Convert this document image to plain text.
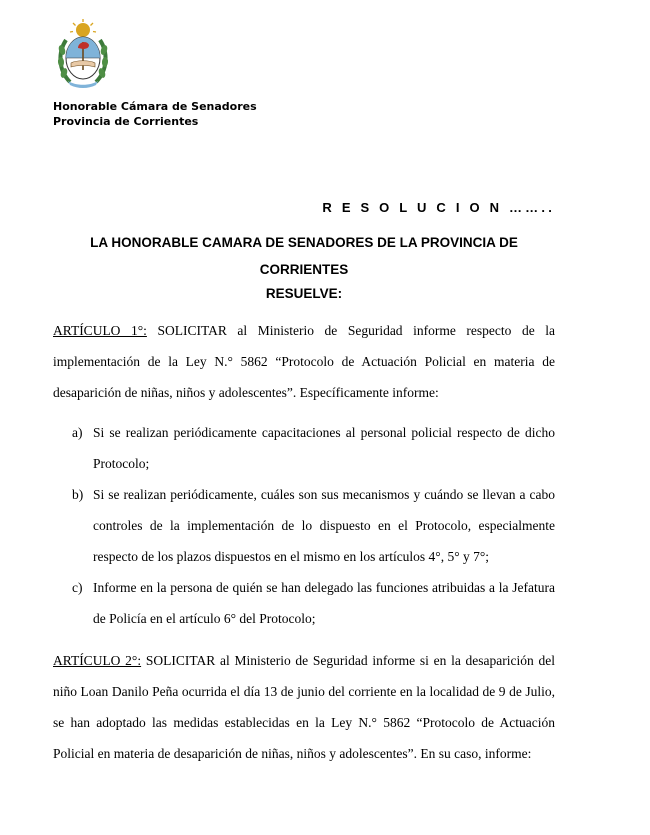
Honorable Cámara de Senadores
Provincia de Corrientes
R E S O L U C I O N ……..
LA HONORABLE CAMARA DE SENADORES DE LA PROVINCIA DE CORRIENTES
RESUELVE:
ARTÍCULO 1°: SOLICITAR al Ministerio de Seguridad informe respecto de la implementación de la Ley N.° 5862 “Protocolo de Actuación Policial en materia de desaparición de niñas, niños y adolescentes”. Específicamente informe:
a) Si se realizan periódicamente capacitaciones al personal policial respecto de dicho Protocolo;
b) Si se realizan periódicamente, cuáles son sus mecanismos y cuándo se llevan a cabo controles de la implementación de lo dispuesto en el Protocolo, especialmente respecto de los plazos dispuestos en el mismo en los artículos 4°, 5° y 7°;
c) Informe en la persona de quién se han delegado las funciones atribuidas a la Jefatura de Policía en el artículo 6° del Protocolo;
ARTÍCULO 2°: SOLICITAR al Ministerio de Seguridad informe si en la desaparición del niño Loan Danilo Peña ocurrida el día 13 de junio del corriente en la localidad de 9 de Julio, se han adoptado las medidas establecidas en la Ley N.° 5862 “Protocolo de Actuación Policial en materia de desaparición de niñas, niños y adolescentes”. En su caso, informe:
